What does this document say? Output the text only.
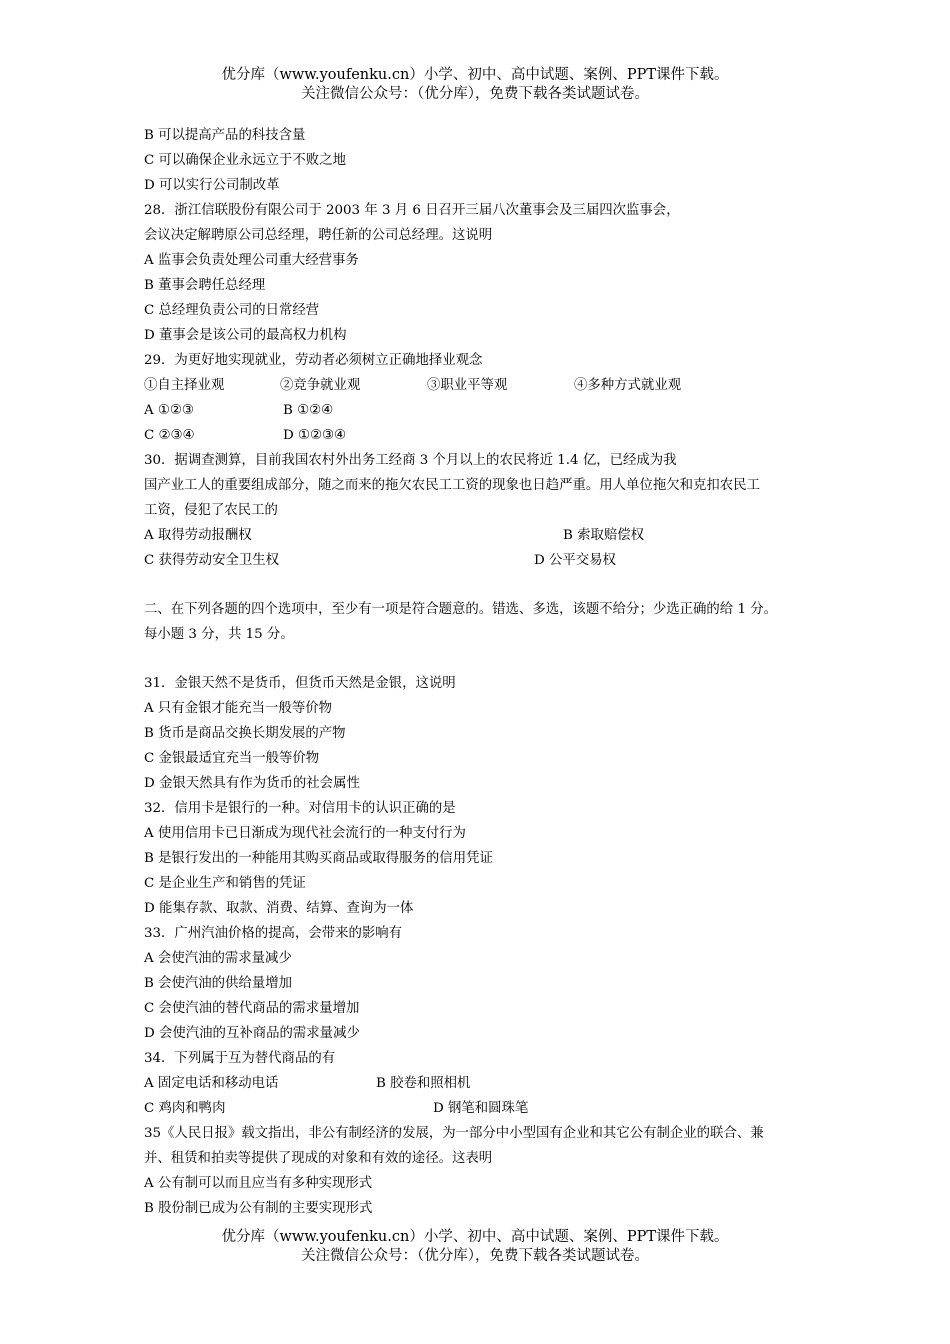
优分库（www.youfenku.cn）小学、初中、高中试题、案例、PPT课件下载。
关注微信公众号：（优分库），免费下载各类试题试卷。
B 可以提高产品的科技含量
C 可以确保企业永远立于不败之地
D 可以实行公司制改革
28．浙江信联股份有限公司于 2003 年 3 月 6 日召开三届八次董事会及三届四次监事会，
会议决定解聘原公司总经理，聘任新的公司总经理。这说明
A 监事会负责处理公司重大经营事务
B 董事会聘任总经理
C 总经理负责公司的日常经营
D 董事会是该公司的最高权力机构
29．为更好地实现就业，劳动者必须树立正确地择业观念
①自主择业观	②竞争就业观	③职业平等观	④多种方式就业观
A ①②③	B ①②④
C ②③④	D ①②③④
30．据调查测算，目前我国农村外出务工经商 3 个月以上的农民将近 1.4 亿，已经成为我
国产业工人的重要组成部分，随之而来的拖欠农民工工资的现象也日趋严重。用人单位拖欠和克扣农民工
工资，侵犯了农民工的
A 取得劳动报酬权	B 索取赔偿权
C 获得劳动安全卫生权	D 公平交易权
二、在下列各题的四个选项中，至少有一项是符合题意的。错选、多选，该题不给分；少选正确的给 1 分。
每小题 3 分，共 15 分。
31．金银天然不是货币，但货币天然是金银，这说明
A 只有金银才能充当一般等价物
B 货币是商品交换长期发展的产物
C 金银最适宜充当一般等价物
D 金银天然具有作为货币的社会属性
32．信用卡是银行的一种。对信用卡的认识正确的是
A 使用信用卡已日渐成为现代社会流行的一种支付行为
B 是银行发出的一种能用其购买商品或取得服务的信用凭证
C 是企业生产和销售的凭证
D 能集存款、取款、消费、结算、查询为一体
33．广州汽油价格的提高，会带来的影响有
A 会使汽油的需求量减少
B 会使汽油的供给量增加
C 会使汽油的替代商品的需求量增加
D 会使汽油的互补商品的需求量减少
34．下列属于互为替代商品的有
A 固定电话和移动电话	B 胶卷和照相机
C 鸡肉和鸭肉	D 钢笔和圆珠笔
35《人民日报》载文指出，非公有制经济的发展，为一部分中小型国有企业和其它公有制企业的联合、兼
并、租赁和拍卖等提供了现成的对象和有效的途径。这表明
A 公有制可以而且应当有多种实现形式
B 股份制已成为公有制的主要实现形式
优分库（www.youfenku.cn）小学、初中、高中试题、案例、PPT课件下载。
关注微信公众号：（优分库），免费下载各类试题试卷。
